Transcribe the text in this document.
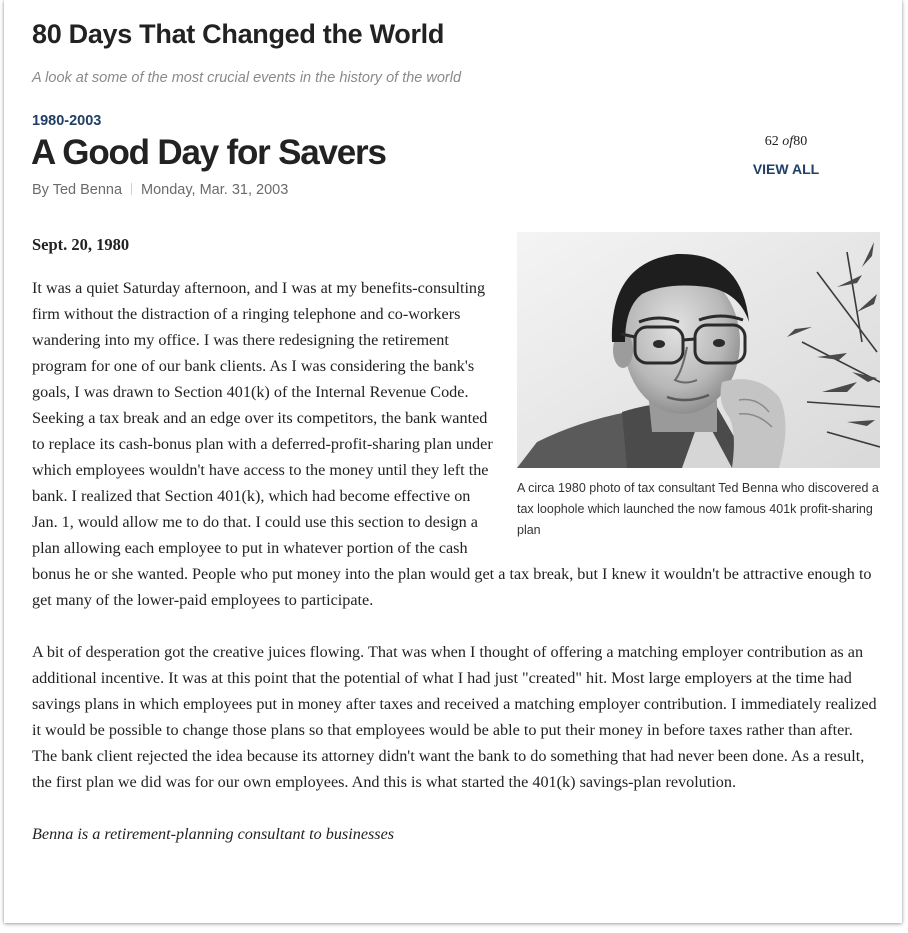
80 Days That Changed the World
A look at some of the most crucial events in the history of the world
1980-2003
A Good Day for Savers
By Ted Benna Monday, Mar. 31, 2003
62 of80
VIEW ALL

A circa 1980 photo of tax consultant Ted Benna who discovered a tax loophole which launched the now famous 401k profit-sharing plan

Sept. 20, 1980

It was a quiet Saturday afternoon, and I was at my benefits-consulting firm without the distraction of a ringing telephone and co-workers wandering into my office. I was there redesigning the retirement program for one of our bank clients. As I was considering the bank's goals, I was drawn to Section 401(k) of the Internal Revenue Code. Seeking a tax break and an edge over its competitors, the bank wanted to replace its cash-bonus plan with a deferred-profit-sharing plan under which employees wouldn't have access to the money until they left the bank. I realized that Section 401(k), which had become effective on Jan. 1, would allow me to do that. I could use this section to design a plan allowing each employee to put in whatever portion of the cash bonus he or she wanted. People who put money into the plan would get a tax break, but I knew it wouldn't be attractive enough to get many of the lower-paid employees to participate.

A bit of desperation got the creative juices flowing. That was when I thought of offering a matching employer contribution as an additional incentive. It was at this point that the potential of what I had just "created" hit. Most large employers at the time had savings plans in which employees put in money after taxes and received a matching employer contribution. I immediately realized it would be possible to change those plans so that employees would be able to put their money in before taxes rather than after. The bank client rejected the idea because its attorney didn't want the bank to do something that had never been done. As a result, the first plan we did was for our own employees. And this is what started the 401(k) savings-plan revolution.

Benna is a retirement-planning consultant to businesses
